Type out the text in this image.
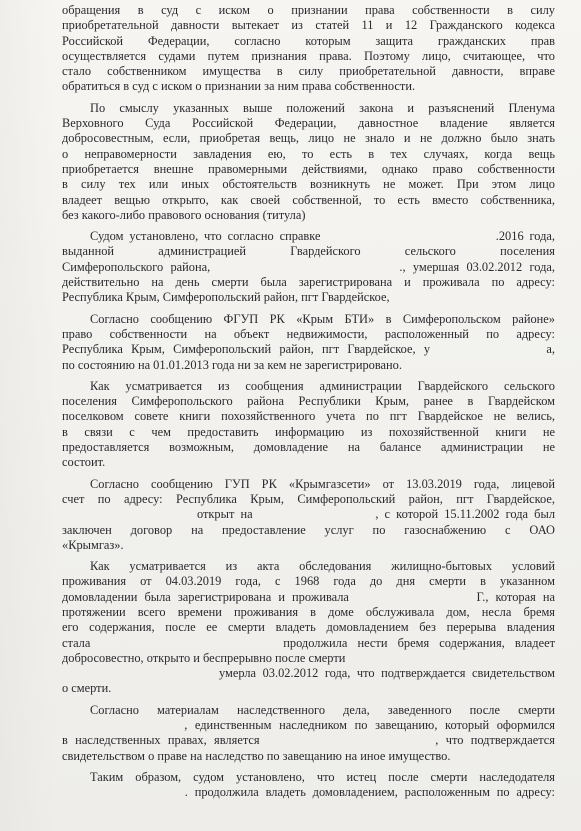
обращения в суд с иском о признании права собственности в силу
приобретательной давности вытекает из статей 11 и 12 Гражданского кодекса
Российской Федерации, согласно которым защита гражданских прав
осуществляется судами путем признания права. Поэтому лицо, считающее, что
стало собственником имущества в силу приобретательной давности, вправе
обратиться в суд с иском о признании за ним права собственности.
По смыслу указанных выше положений закона и разъяснений Пленума
Верховного Суда Российской Федерации, давностное владение является
добросовестным, если, приобретая вещь, лицо не знало и не должно было знать
о неправомерности завладения ею, то есть в тех случаях, когда вещь
приобретается внешне правомерными действиями, однако право собственности
в силу тех или иных обстоятельств возникнуть не может. При этом лицо
владеет вещью открыто, как своей собственной, то есть вместо собственника,
без какого-либо правового основания (титула)
Судом установлено, что согласно справке                              .2016 года,
выданной администрацией Гвардейского сельского поселения
Симферопольского района,                          ., умершая 03.02.2012 года,
действительно на день смерти была зарегистрирована и проживала по адресу:
Республика Крым, Симферопольский район, пгт Гвардейское,
Согласно сообщению ФГУП РК «Крым БТИ» в Симферопольском районе»
право собственности на объект недвижимости, расположенный по адресу:
Республика Крым, Симферопольский район, пгт Гвардейское, у              а,
по состоянию на 01.01.2013 года ни за кем не зарегистрировано.
Как усматривается из сообщения администрации Гвардейского сельского
поселения Симферопольского района Республики Крым, ранее в Гвардейском
поселковом совете книги похозяйственного учета по пгт Гвардейское не велись,
в связи с чем предоставить информацию из похозяйственной книги не
предоставляется возможным, домовладение на балансе администрации не
состоит.
Согласно сообщению ГУП РК «Крымгазсети» от 13.03.2019 года, лицевой
счет по адресу: Республика Крым, Симферопольский район, пгт Гвардейское,
открыт на                    , с которой 15.11.2002 года был
заключен договор на предоставление услуг по газоснабжению с ОАО
«Крымгаз».
Как усматривается из акта обследования жилищно-бытовых условий
проживания от 04.03.2019 года, с 1968 года до дня смерти в указанном
домовладении была зарегистрирована и проживала                  Г., которая на
протяжении всего времени проживания в доме обслуживала дом, несла бремя
его содержания, после ее смерти владеть домовладением без перерыва владения
стала                   продолжила нести бремя содержания, владеет
добросовестно, открыто и беспрерывно после смерти
умерла 03.02.2012 года, что подтверждается свидетельством
о смерти.
Согласно материалам наследственного дела, заведенного после смерти
, единственным наследником по завещанию, который оформился
в наследственных правах, является                        , что подтверждается
свидетельством о праве на наследство по завещанию на иное имущество.
Таким образом, судом установлено, что истец после смерти наследодателя
. продолжила владеть домовладением, расположенным по адресу:
